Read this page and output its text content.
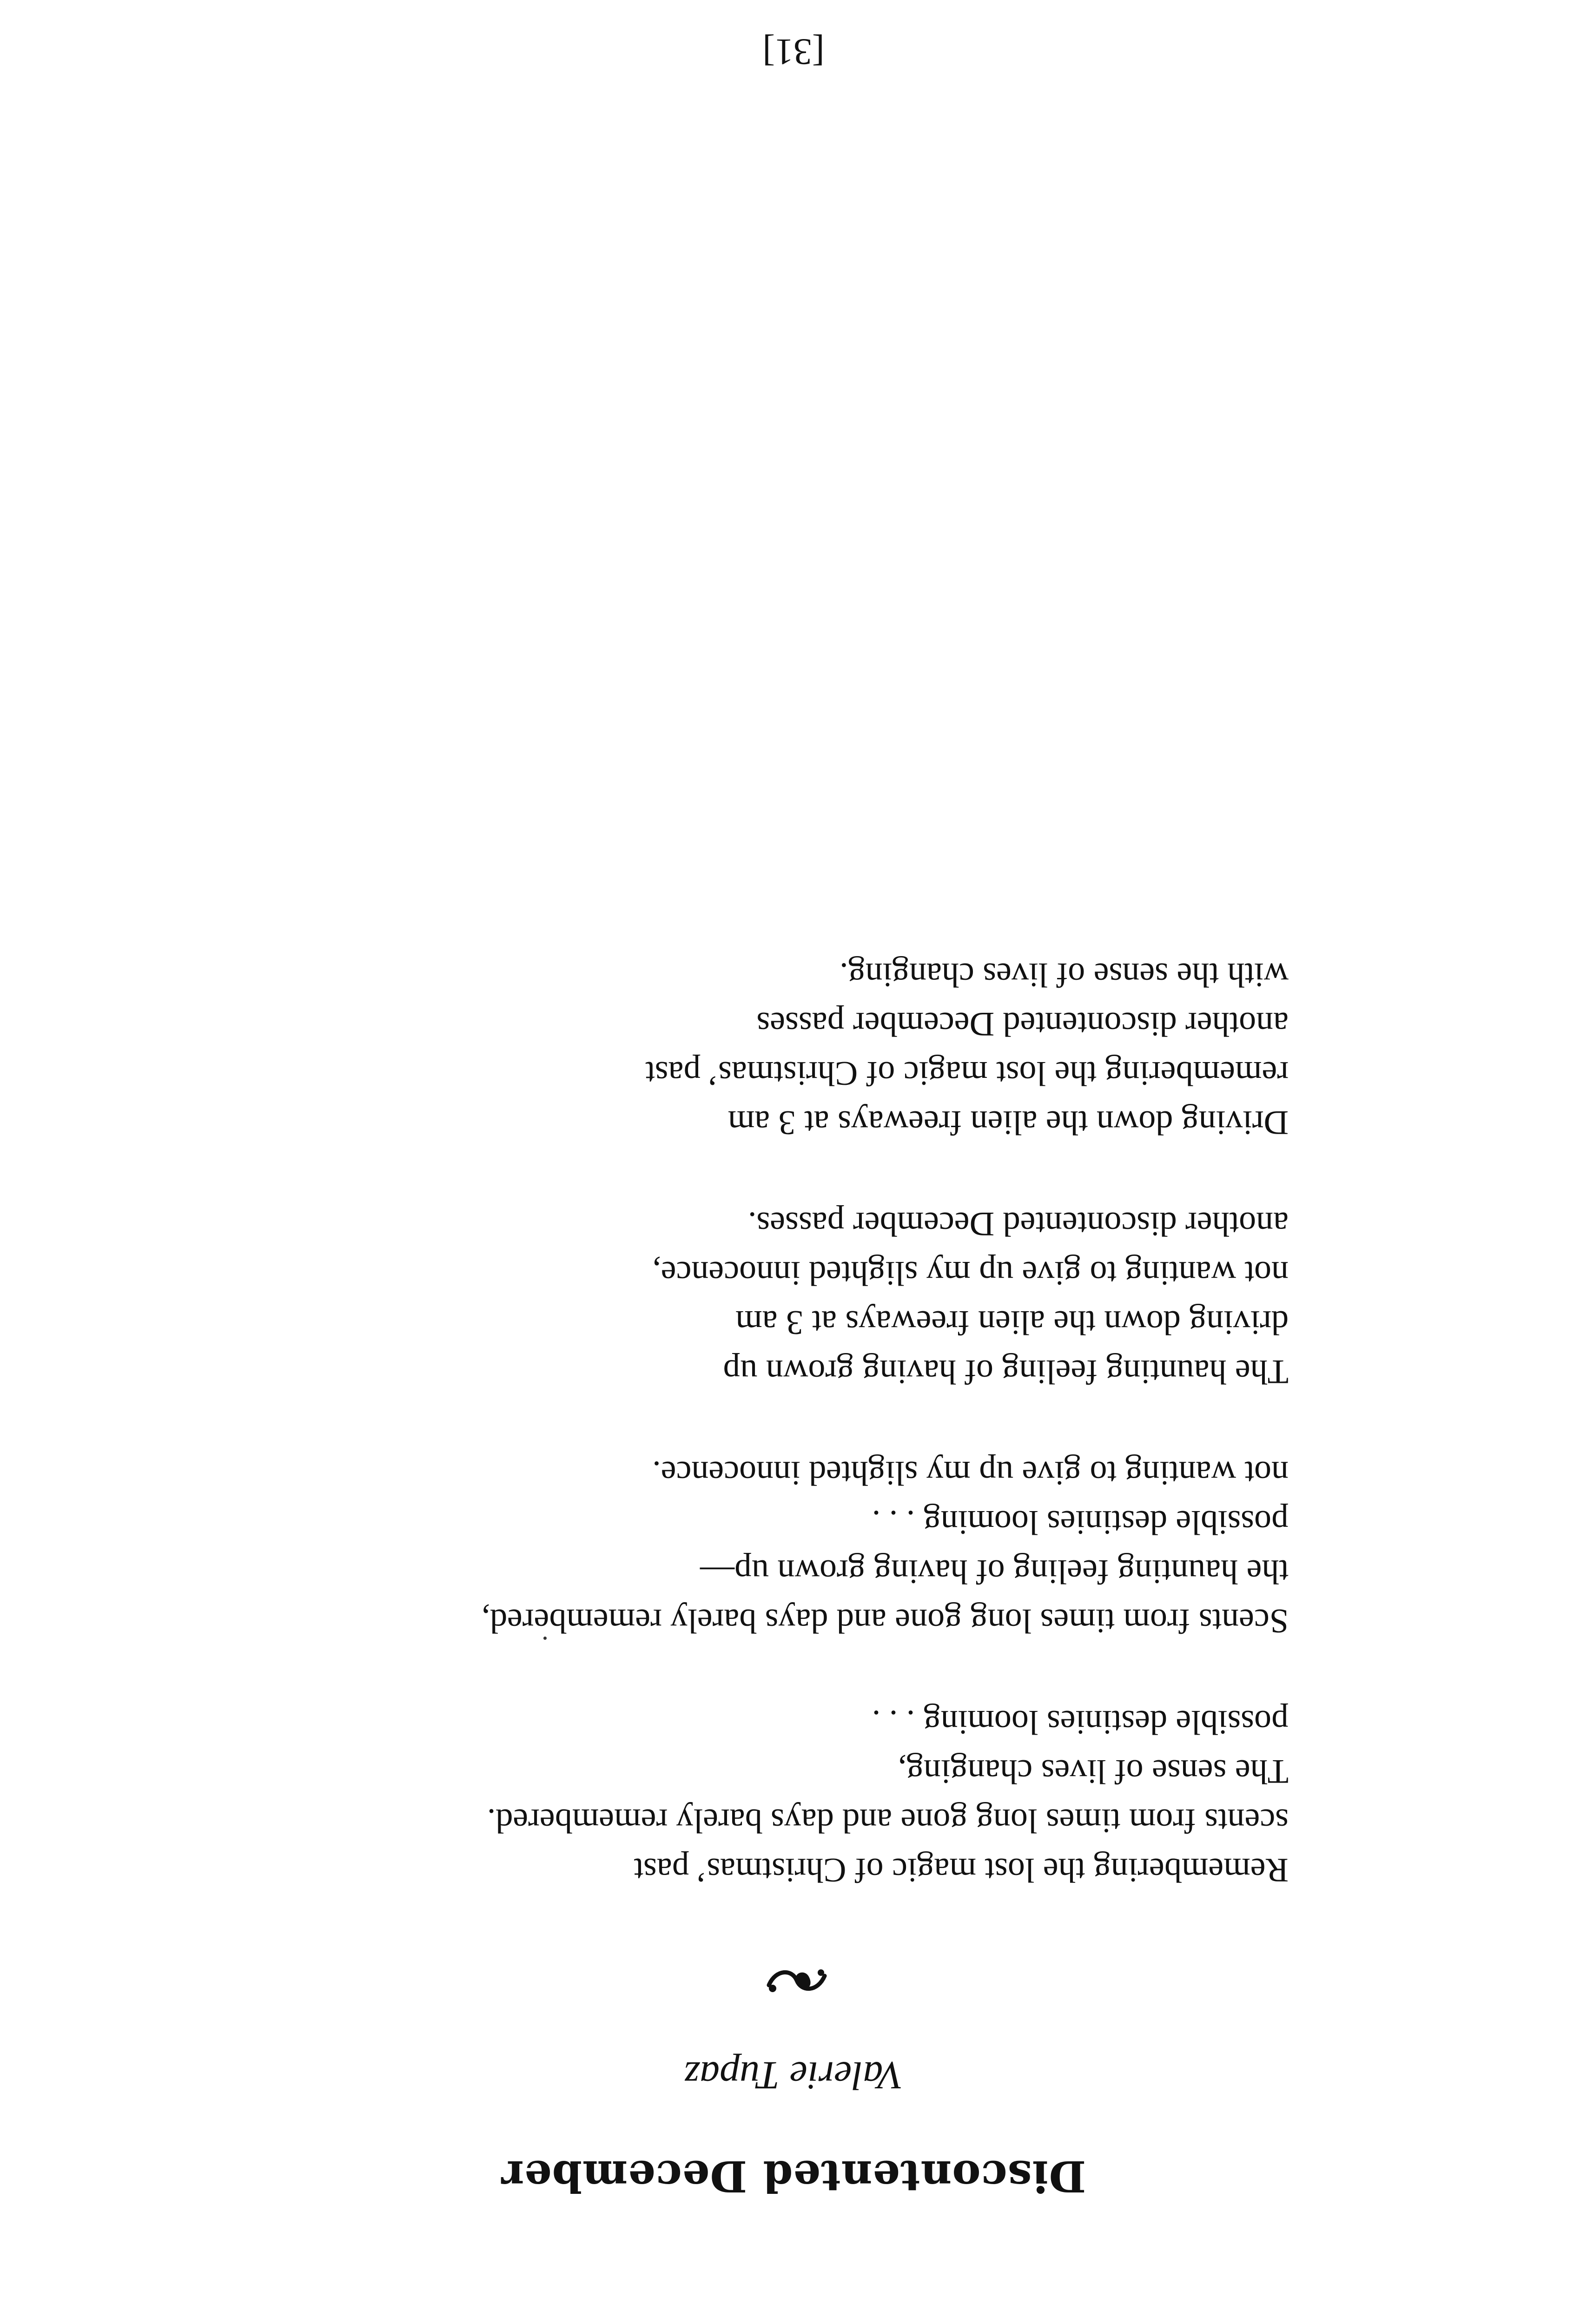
Discontented December

Valerie Tupaz

Remembering the lost magic of Christmas’ past
scents from times long gone and days barely remembered.
The sense of lives changing,
possible destinies looming . . .
Scents from times long gone and days barely remembered,
the haunting feeling of having grown up—
possible destinies looming . . .
not wanting to give up my slighted innocence.
The haunting feeling of having grown up
driving down the alien freeways at 3 am
not wanting to give up my slighted innocence,
another discontented December passes.
Driving down the alien freeways at 3 am
remembering the lost magic of Christmas’ past
another discontented December passes
with the sense of lives changing.
[31]
